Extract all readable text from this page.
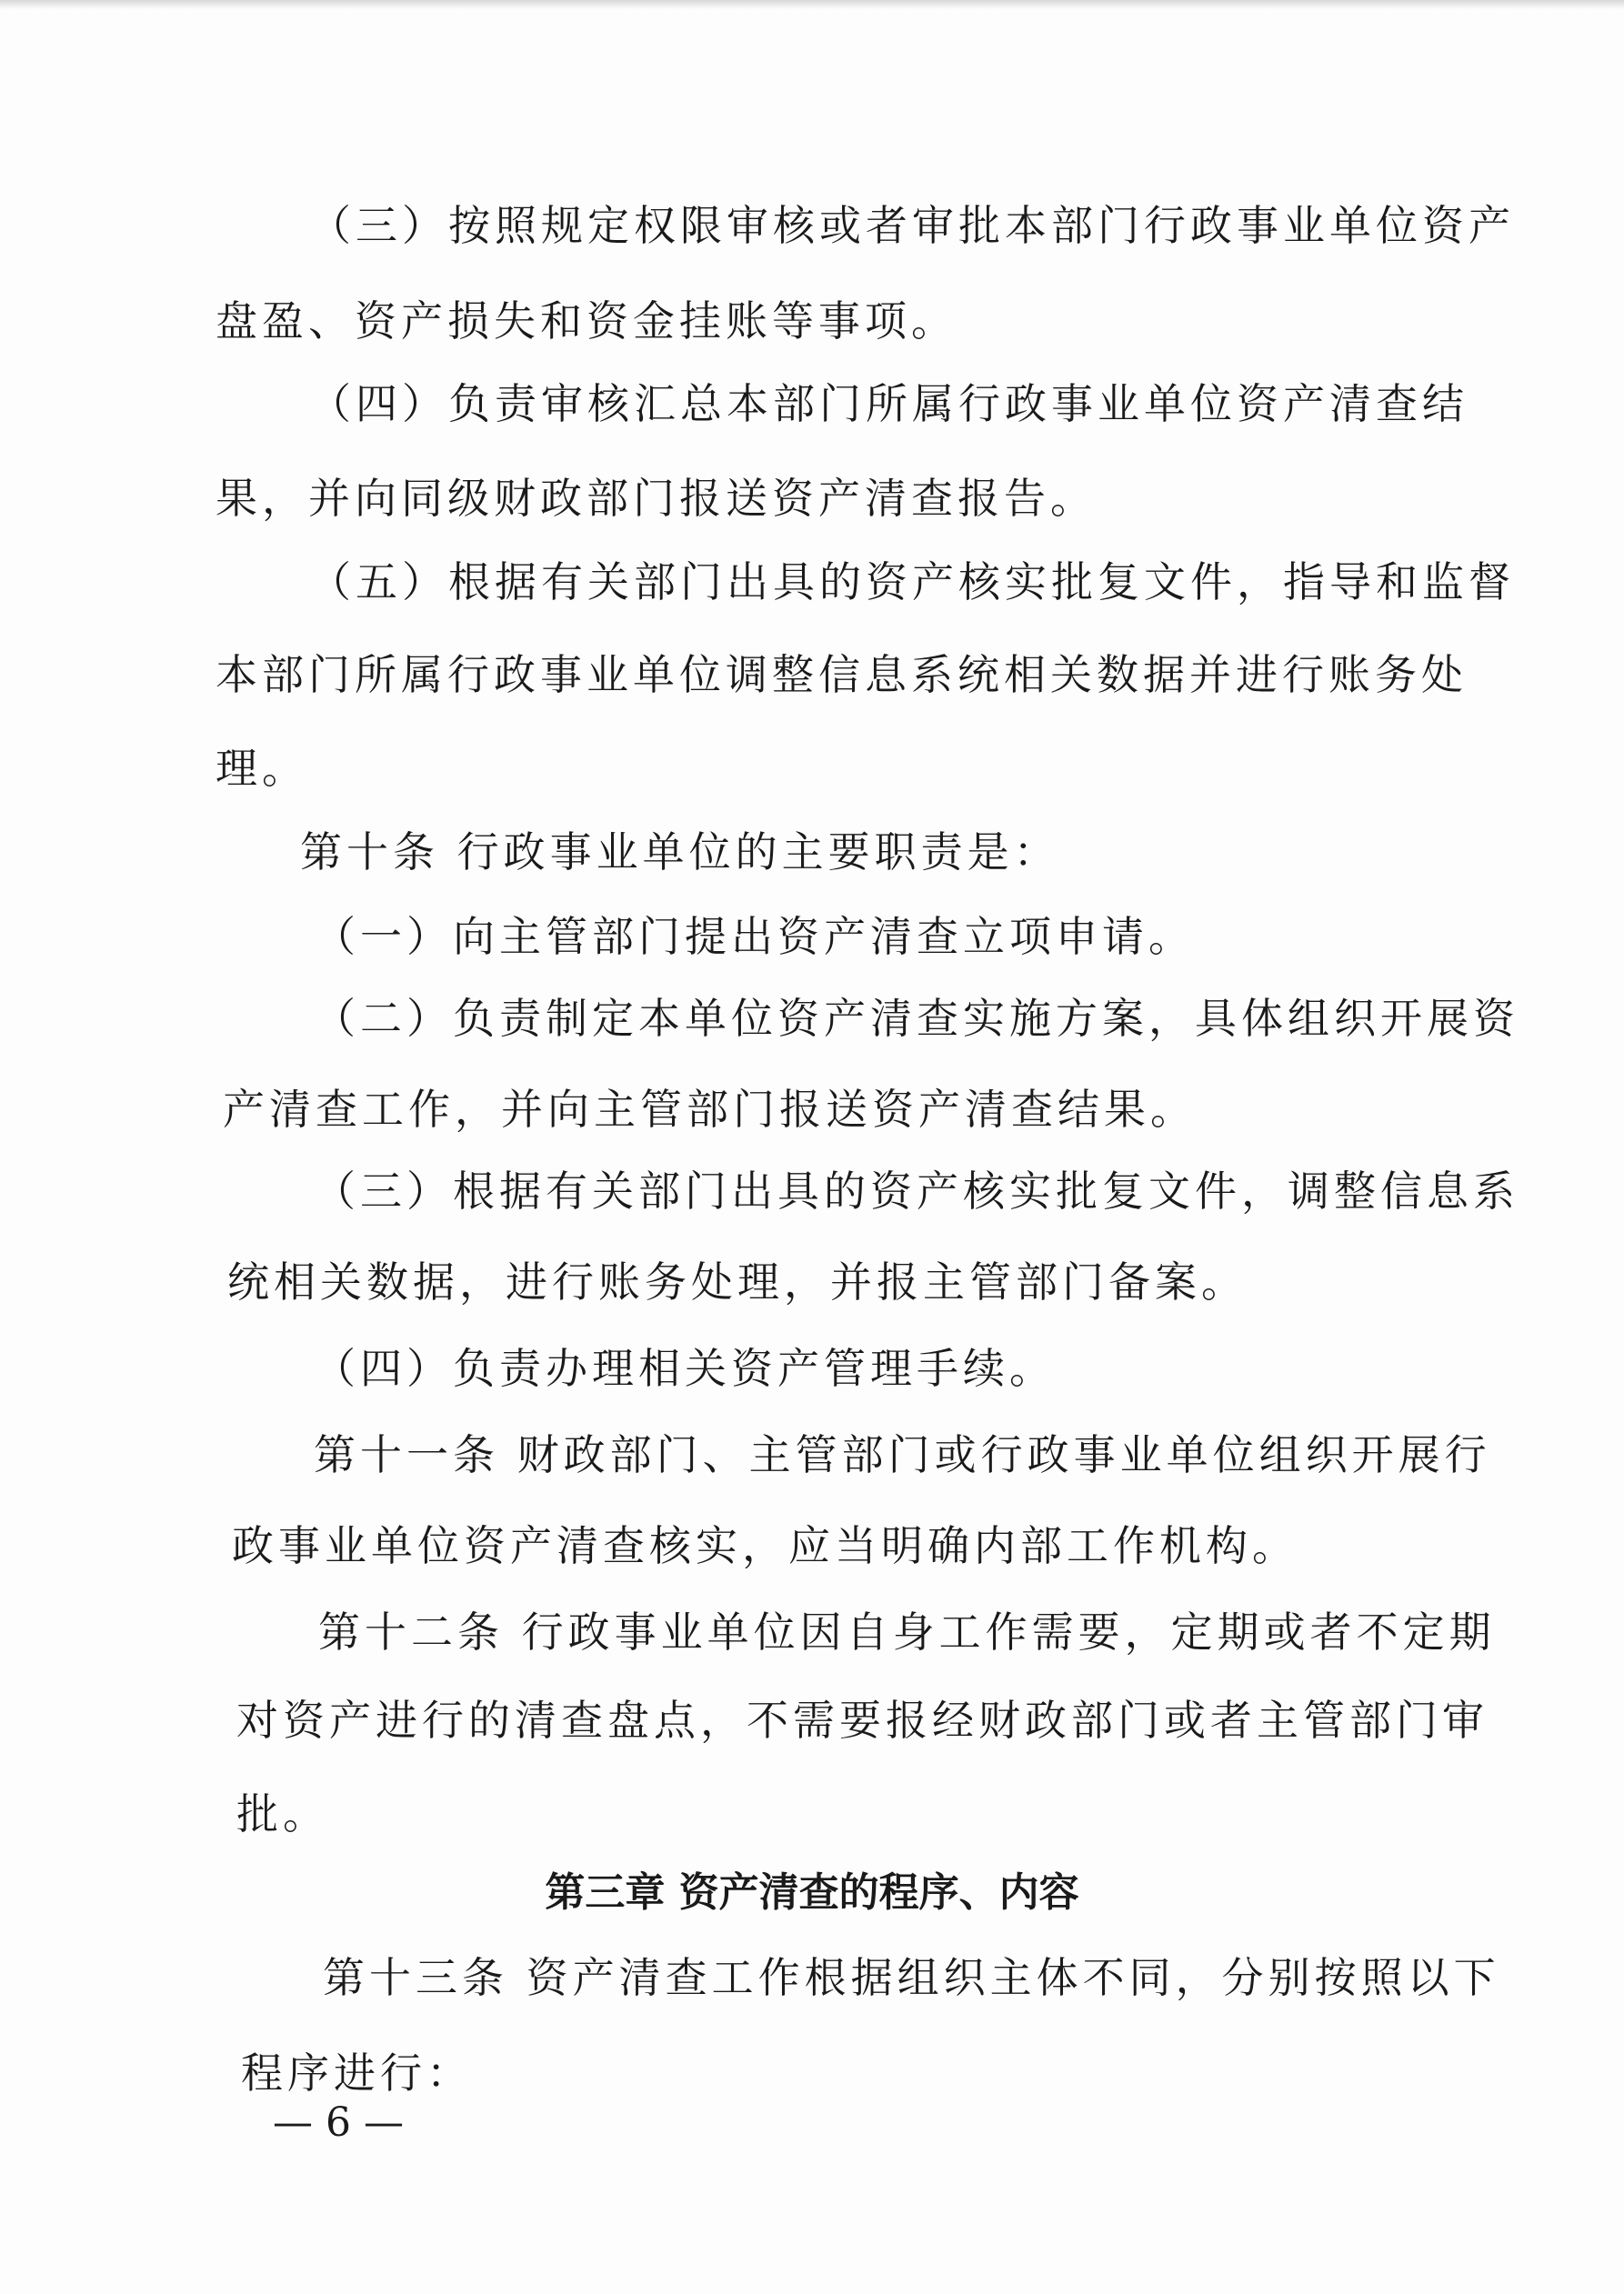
（三）按照规定权限审核或者审批本部门行政事业单位资产

盘盈、资产损失和资金挂账等事项。

（四）负责审核汇总本部门所属行政事业单位资产清查结

果，并向同级财政部门报送资产清查报告。

（五）根据有关部门出具的资产核实批复文件，指导和监督

本部门所属行政事业单位调整信息系统相关数据并进行账务处

理。

第十条 行政事业单位的主要职责是：

（一）向主管部门提出资产清查立项申请。

（二）负责制定本单位资产清查实施方案，具体组织开展资

产清查工作，并向主管部门报送资产清查结果。

（三）根据有关部门出具的资产核实批复文件，调整信息系

统相关数据，进行账务处理，并报主管部门备案。

（四）负责办理相关资产管理手续。

第十一条 财政部门、主管部门或行政事业单位组织开展行

政事业单位资产清查核实，应当明确内部工作机构。

第十二条 行政事业单位因自身工作需要，定期或者不定期

对资产进行的清查盘点，不需要报经财政部门或者主管部门审

批。

第三章 资产清查的程序、内容

第十三条 资产清查工作根据组织主体不同，分别按照以下

程序进行：

— 6 —
